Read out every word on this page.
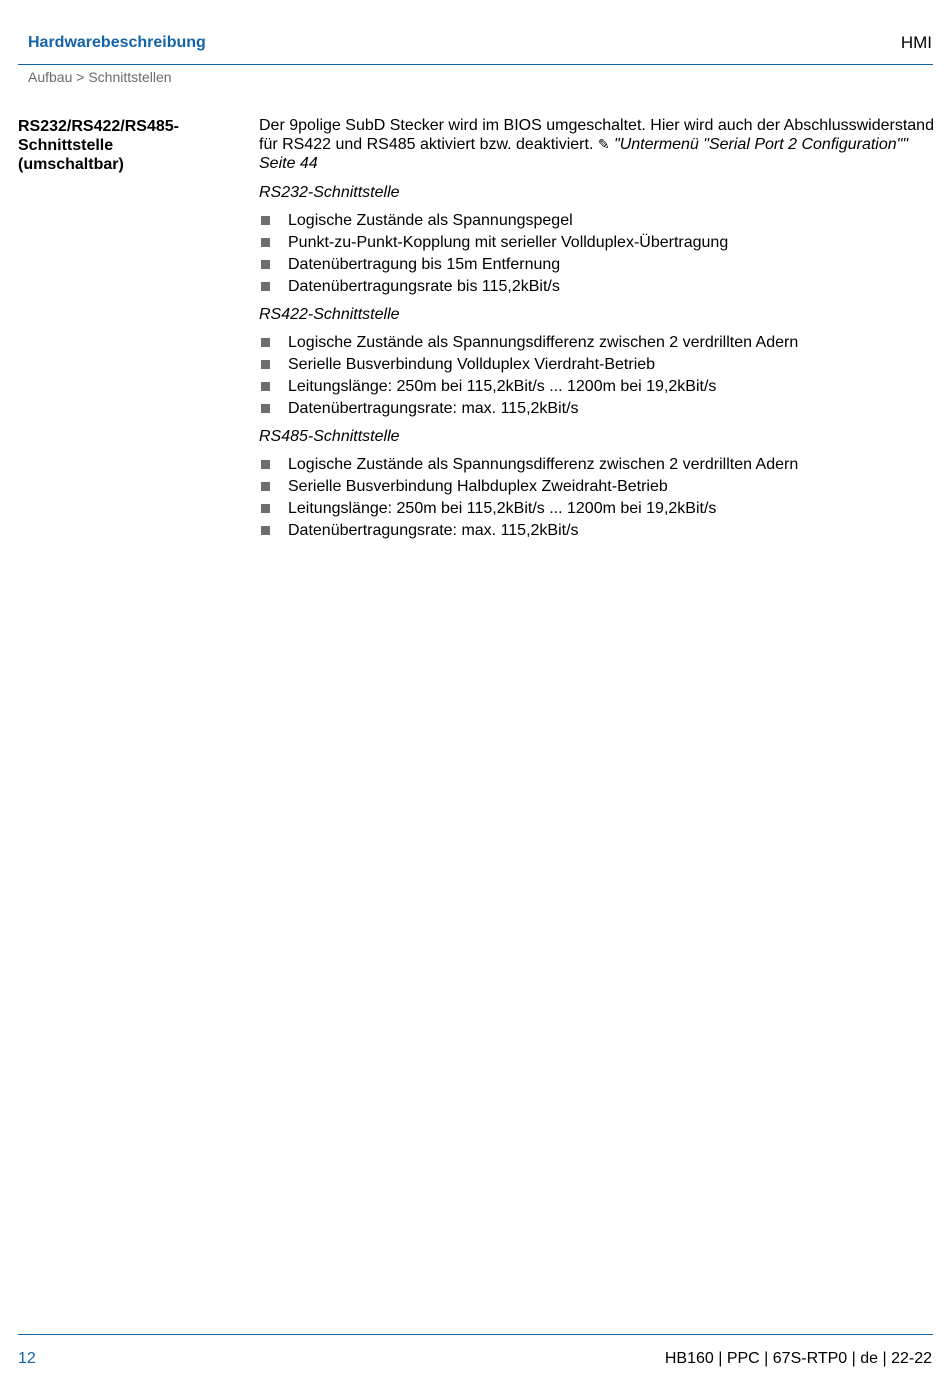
Hardwarebeschreibung	HMI
Aufbau > Schnittstellen
RS232/RS422/RS485-
Schnittstelle
(umschaltbar)

Der 9polige SubD Stecker wird im BIOS umgeschaltet. Hier wird auch der Abschlusswiderstand für RS422 und RS485 aktiviert bzw. deaktiviert. ✎ "Untermenü "Serial Port 2 Configuration"" Seite 44

RS232-Schnittstelle
Logische Zustände als Spannungspegel
Punkt-zu-Punkt-Kopplung mit serieller Vollduplex-Übertragung
Datenübertragung bis 15m Entfernung
Datenübertragungsrate bis 115,2kBit/s
RS422-Schnittstelle
Logische Zustände als Spannungsdifferenz zwischen 2 verdrillten Adern
Serielle Busverbindung Vollduplex Vierdraht-Betrieb
Leitungslänge: 250m bei 115,2kBit/s ... 1200m bei 19,2kBit/s
Datenübertragungsrate: max. 115,2kBit/s
RS485-Schnittstelle
Logische Zustände als Spannungsdifferenz zwischen 2 verdrillten Adern
Serielle Busverbindung Halbduplex Zweidraht-Betrieb
Leitungslänge: 250m bei 115,2kBit/s ... 1200m bei 19,2kBit/s
Datenübertragungsrate: max. 115,2kBit/s
12	HB160 | PPC | 67S-RTP0 | de | 22-22
